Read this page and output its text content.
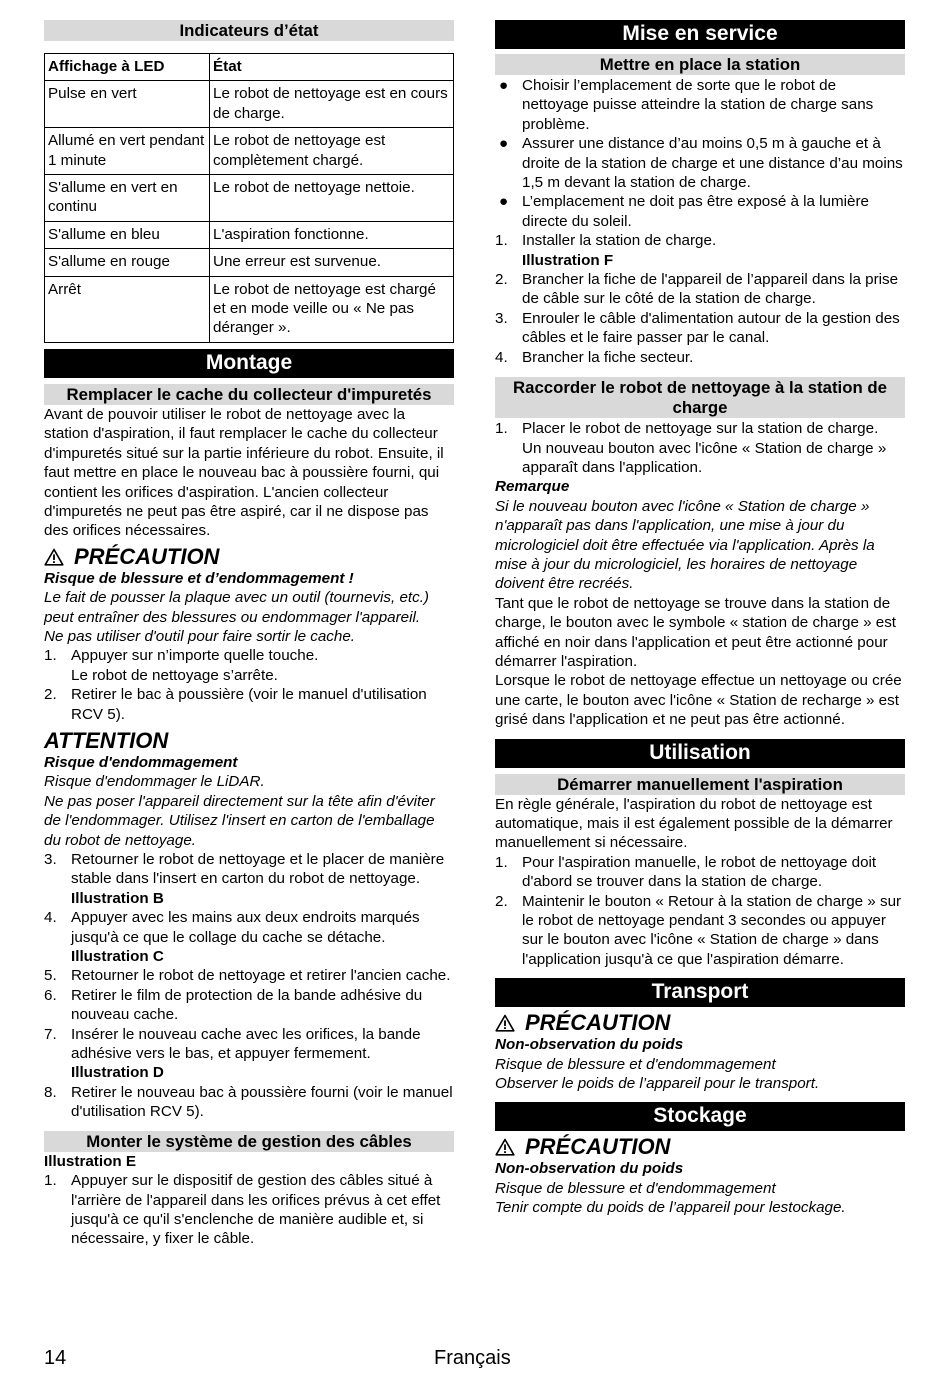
Indicateurs d’état
Affichage à LED	État
Pulse en vert	Le robot de nettoyage est en cours de charge.
Allumé en vert pendant 1 minute	Le robot de nettoyage est complètement chargé.
S'allume en vert en continu	Le robot de nettoyage nettoie.
S'allume en bleu	L'aspiration fonctionne.
S'allume en rouge	Une erreur est survenue.
Arrêt	Le robot de nettoyage est chargé et en mode veille ou « Ne pas déranger ».
Montage
Remplacer le cache du collecteur d'impuretés

Avant de pouvoir utiliser le robot de nettoyage avec la station d'aspiration, il faut remplacer le cache du collecteur d'impuretés situé sur la partie inférieure du robot. Ensuite, il faut mettre en place le nouveau bac à poussière fourni, qui contient les orifices d'aspiration. L'ancien collecteur d'impuretés ne peut pas être aspiré, car il ne dispose pas des orifices nécessaires.

PRÉCAUTION

Risque de blessure et d’endommagement !

Le fait de pousser la plaque avec un outil (tournevis, etc.) peut entraîner des blessures ou endommager l'appareil.

Ne pas utiliser d'outil pour faire sortir le cache.

1. Appuyer sur n’importe quelle touche.
Le robot de nettoyage s’arrête.
2. Retirer le bac à poussière (voir le manuel d'utilisation RCV 5).
ATTENTION

Risque d'endommagement

Risque d'endommager le LiDAR.

Ne pas poser l'appareil directement sur la tête afin d'éviter de l'endommager. Utilisez l'insert en carton de l'emballage du robot de nettoyage.

3. Retourner le robot de nettoyage et le placer de manière stable dans l'insert en carton du robot de nettoyage.
Illustration B
4. Appuyer avec les mains aux deux endroits marqués jusqu'à ce que le collage du cache se détache.
Illustration C
5. Retourner le robot de nettoyage et retirer l'ancien cache.
6. Retirer le film de protection de la bande adhésive du nouveau cache.
7. Insérer le nouveau cache avec les orifices, la bande adhésive vers le bas, et appuyer fermement.
Illustration D
8. Retirer le nouveau bac à poussière fourni (voir le manuel d'utilisation RCV 5).
Monter le système de gestion des câbles

Illustration E

1. Appuyer sur le dispositif de gestion des câbles situé à l'arrière de l'appareil dans les orifices prévus à cet effet jusqu'à ce qu'il s'enclenche de manière audible et, si nécessaire, y fixer le câble.
Mise en service
Mettre en place la station
● Choisir l’emplacement de sorte que le robot de nettoyage puisse atteindre la station de charge sans problème.
● Assurer une distance d’au moins 0,5 m à gauche et à droite de la station de charge et une distance d’au moins 1,5 m devant la station de charge.
● L’emplacement ne doit pas être exposé à la lumière directe du soleil.
1. Installer la station de charge.
Illustration F
2. Brancher la fiche de l'appareil de l’appareil dans la prise de câble sur le côté de la station de charge.
3. Enrouler le câble d'alimentation autour de la gestion des câbles et le faire passer par le canal.
4. Brancher la fiche secteur.
Raccorder le robot de nettoyage à la station de charge
1. Placer le robot de nettoyage sur la station de charge.
Un nouveau bouton avec l'icône « Station de charge » apparaît dans l'application.

Remarque

Si le nouveau bouton avec l'icône « Station de charge » n'apparaît pas dans l'application, une mise à jour du micrologiciel doit être effectuée via l'application. Après la mise à jour du micrologiciel, les horaires de nettoyage doivent être recréés.

Tant que le robot de nettoyage se trouve dans la station de charge, le bouton avec le symbole « station de charge » est affiché en noir dans l'application et peut être actionné pour démarrer l'aspiration.

Lorsque le robot de nettoyage effectue un nettoyage ou crée une carte, le bouton avec l'icône « Station de recharge » est grisé dans l'application et ne peut pas être actionné.

Utilisation
Démarrer manuellement l'aspiration

En règle générale, l'aspiration du robot de nettoyage est automatique, mais il est également possible de la démarrer manuellement si nécessaire.

1. Pour l'aspiration manuelle, le robot de nettoyage doit d'abord se trouver dans la station de charge.
2. Maintenir le bouton « Retour à la station de charge » sur le robot de nettoyage pendant 3 secondes ou appuyer sur le bouton avec l'icône « Station de charge » dans l'application jusqu'à ce que l'aspiration démarre.
Transport
PRÉCAUTION

Non-observation du poids

Risque de blessure et d'endommagement

Observer le poids de l’appareil pour le transport.

Stockage
PRÉCAUTION

Non-observation du poids

Risque de blessure et d'endommagement

Tenir compte du poids de l’appareil pour lestockage.

14	Français
